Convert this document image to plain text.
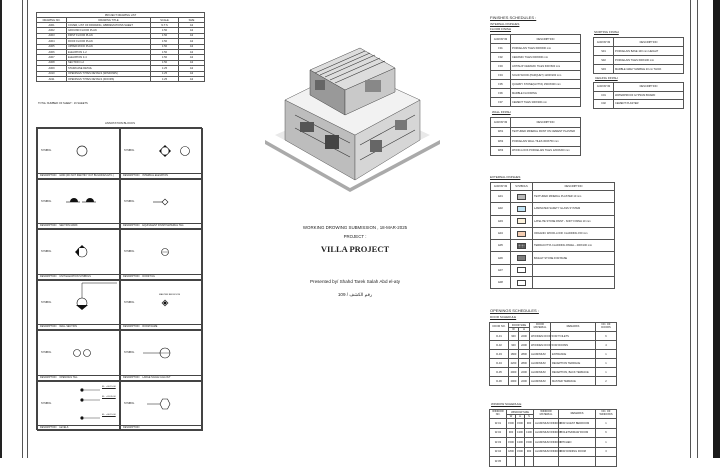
PROJECT DRAWING LIST			
DRAWING NO.	DRAWING TITLE	SCALE	SIZE
A001	COVER, LIST OF DRAWING, ABBREVIATIONS SHEET	N.T.S	A3
A002	GROUND FLOOR PLAN	1:50	A3
A003	FIRST FLOOR PLAN	1:50	A3
A004	ROOF FLOOR PLAN	1:50	A3
A005	UPPER ROOF PLAN	1:50	A3
A006	ELEVATION 1-2	1:50	A3
A007	ELEVATION 3-4	1:50	A3
A008	SECTION 1-2	1:50	A3
A009	STAIRCASE DETAIL	1:25	A3
A010	OPENINGS TYPES DETAILS (WINDOWS)	1:25	A3
A011	OPENINGS TYPES DETAILS (DOORS)	1:25	A3
TOTAL NUMBER OF SHEET : 16 SHEETS
ANNOTATION BLOCKS
SYMBOL
DESCRIPTION GRID (DO NOT IDENTIFY OUT BUILDINGS ETC.)
SYMBOL
DESCRIPTION INTERNAL ELEVATION
SYMBOL
DESCRIPTION SECTION MARK
SYMBOL
DESCRIPTION EQUIVALENT FINISH MATERIAL TAG
SYMBOL
DESCRIPTION UNIT ELEVATION SYMBOLS
SYMBOL
DESCRIPTION DOOR TAG
SYMBOL
DESCRIPTION WALL SECTION
SYMBOL
MASTER BEDROOM
DESCRIPTION ROOM NAME
SYMBOL
DESCRIPTION OPENINGS TAG
SYMBOL
DESCRIPTION LARGE SCALE CALLOUT
SYMBOL
EL. +00.15.00
EL. +03.05.00
EL. +06.15.00
DESCRIPTION LEVELS
SYMBOL
DESCRIPTION
WORKING DROWING SUBMISSION , 18-MAR-2025
PROJECT :
VILLA PROJECT
Presented by/ Shahd Tarek Salah Abd el-aty
رقم الكشف / 109
FINISHES SCHEDULES :
INTERNAL FINISHES
FLOOR FINISH
ACRONYM	DESCRIPTION
F01	PORCELAIN TILES 600X600 mm
F02	CERAMIC TILES 600X600 mm
F03	ANTISLIP CERAMIC TILES 600X600 mm
F04	SOLID WOOD (PARQUET) 1200X200 mm
F05	QUARRY STONE(GOTTA) 1500X300 mm
F06	MARBLE FLOORING
F07	CEMENT TILES 300X300 mm
WALL FINISH
ACRONYM	DESCRIPTION
W01	TEXTURED MINERAL PAINT ON CEMENT PLASTER
W02	PORCELAIN WALL TILES 300X750 mm
W03	WOOD-LOOK PORCELAIN TILES 1200X200 mm
SKIRTING FINISH
ACRONYM	DESCRIPTION
S01	PORCELAIN BASE 100 mm HEIGHT
S02	PORCELAIN TILES 600X100 mm
S03	MARBLE GREY MARBLE 20 cm THICK
CEILING FINISH
ACRONYM	DESCRIPTION
C01	WATERPROOF GYPSUM BOARD
C02	CEMENT PLASTER
EXTERNAL FINISHES
ACRONYM	SYMBOLS	DESCRIPTION
E01		TEXTURED MINERAL PLASTER 10 mm
E02		LAMINATED SAFETY GLASS SYSTEM
E03		LATELITE STONE PAINT - SOFT FINISH 10 mm
E04		ORGANIC WOOD-LOOK CLADDING 150 mm
E05		TERRACOTTA CLADDING PANEL - 400X100 mm
E06		BASALT STONE FOR BASE
E07		
E08		
OPENINGS SCHEDULES :
DOOR SCHEDULE
DOOR NO.	DOOR SIZE		DOOR MATERIAL	REMARKS	NO. OF DOORS
	W	H			
D-01	900	2200	WOODEN DOOR	FOR TOILETS	6
D-02	900	2200	WOODEN DOOR	FOR ROOMS	4
D-03	1800	2800	ALUMINIUM	ENTRANCE	1
D-04	2200	2800	ALUMINIUM	RECEPTION TERRACE	1
D-05	2900	2200	ALUMINIUM	RECEPTION, BACK TERRACE	1
D-06	2900	2200	ALUMINIUM	MASTER TERRACE	2
WINDOW SCHEDULE
WINDOW NO.	WINDOW SIZE			WINDOW MATERIAL	REMARKS	NO. OF WINDOWS
	W	H	S			
W-01	1500	1500	900	ALUMINIUM WINDOW	FOR GUEST BEDROOM	1
W-02	900	1300	1300	ALUMINIUM WINDOW	TOILETS/DRAW ROOM	6
W-03	1500	1300	1500	ALUMINIUM WINDOW	KITCHEN	1
W-04	1800	1500	900	ALUMINIUM WINDOW	FOR DINNING ROOM	3
W-05						
